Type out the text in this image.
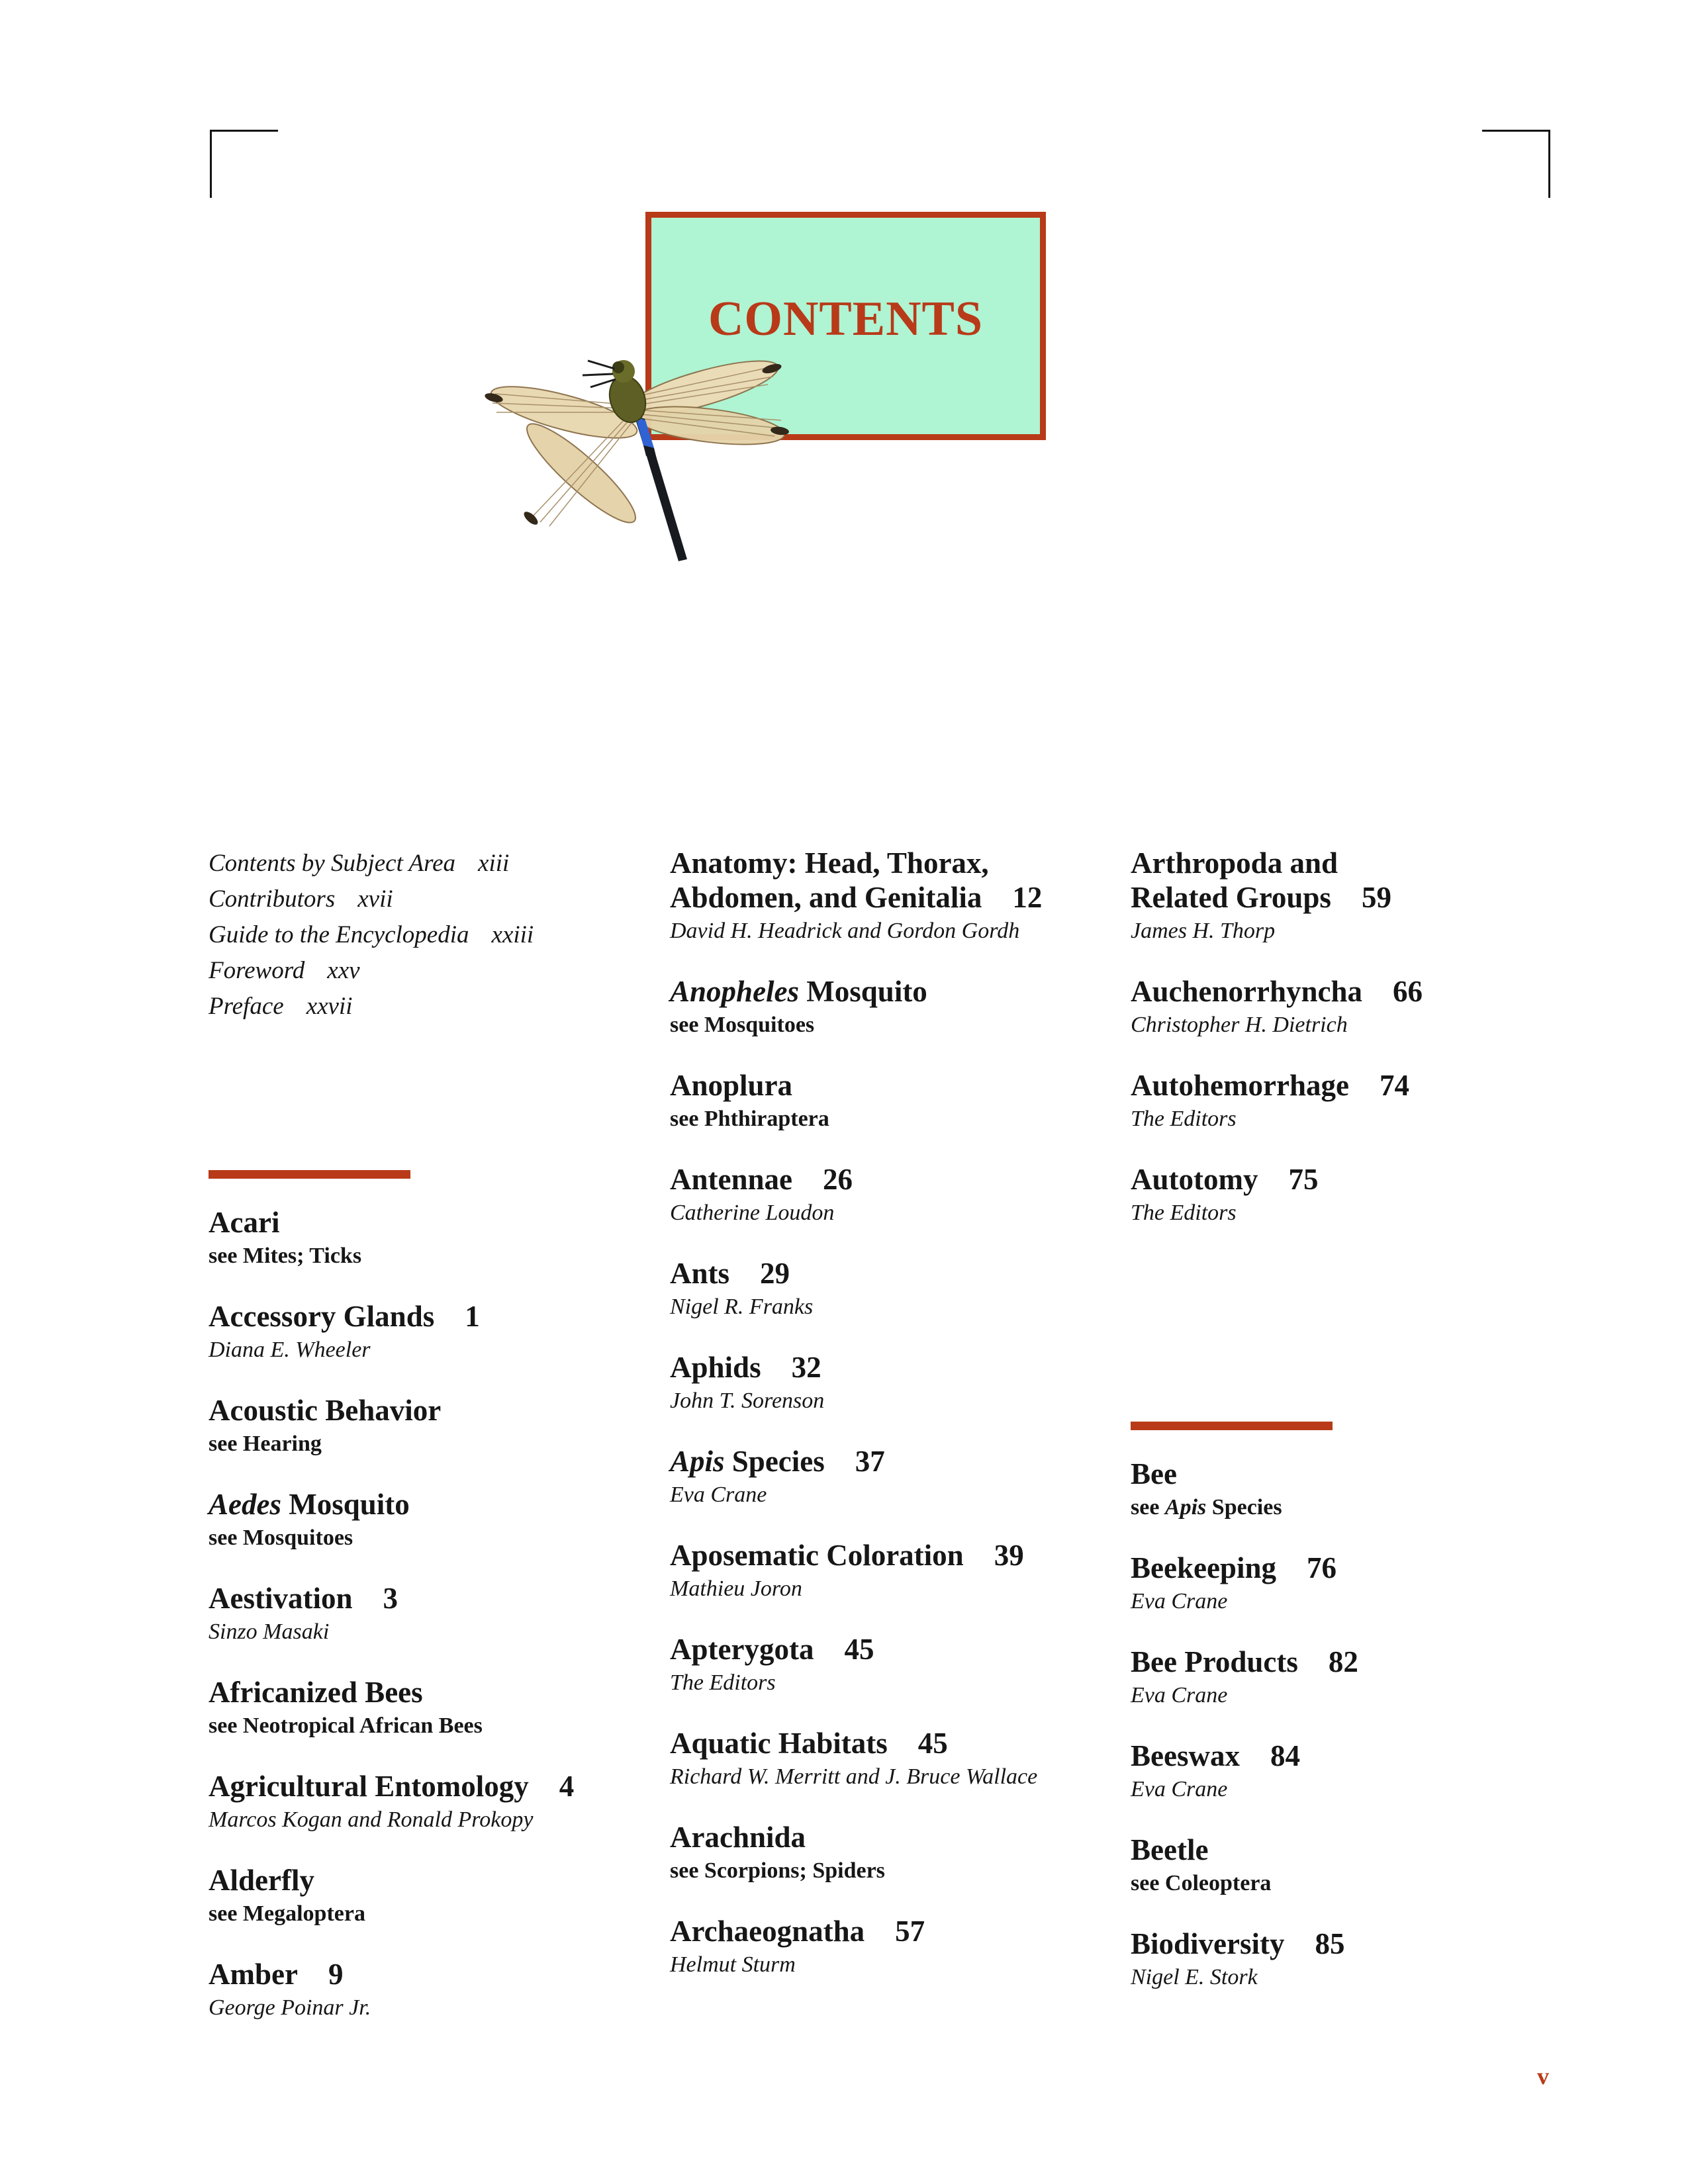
CONTENTS
Contents by Subject Area xiii
Contributors xvii
Guide to the Encyclopedia xxiii
Foreword xxv
Preface xxvii
Acari
see Mites; Ticks
Accessory Glands 1
Diana E. Wheeler
Acoustic Behavior
see Hearing
Aedes Mosquito
see Mosquitoes
Aestivation 3
Sinzo Masaki
Africanized Bees
see Neotropical African Bees
Agricultural Entomology 4
Marcos Kogan and Ronald Prokopy
Alderfly
see Megaloptera
Amber 9
George Poinar Jr.
Anatomy: Head, Thorax,
Abdomen, and Genitalia 12
David H. Headrick and Gordon Gordh
Anopheles Mosquito
see Mosquitoes
Anoplura
see Phthiraptera
Antennae 26
Catherine Loudon
Ants 29
Nigel R. Franks
Aphids 32
John T. Sorenson
Apis Species 37
Eva Crane
Aposematic Coloration 39
Mathieu Joron
Apterygota 45
The Editors
Aquatic Habitats 45
Richard W. Merritt and J. Bruce Wallace
Arachnida
see Scorpions; Spiders
Archaeognatha 57
Helmut Sturm
Arthropoda and
Related Groups 59
James H. Thorp
Auchenorrhyncha 66
Christopher H. Dietrich
Autohemorrhage 74
The Editors
Autotomy 75
The Editors
Bee
see Apis Species
Beekeeping 76
Eva Crane
Bee Products 82
Eva Crane
Beeswax 84
Eva Crane
Beetle
see Coleoptera
Biodiversity 85
Nigel E. Stork
v
